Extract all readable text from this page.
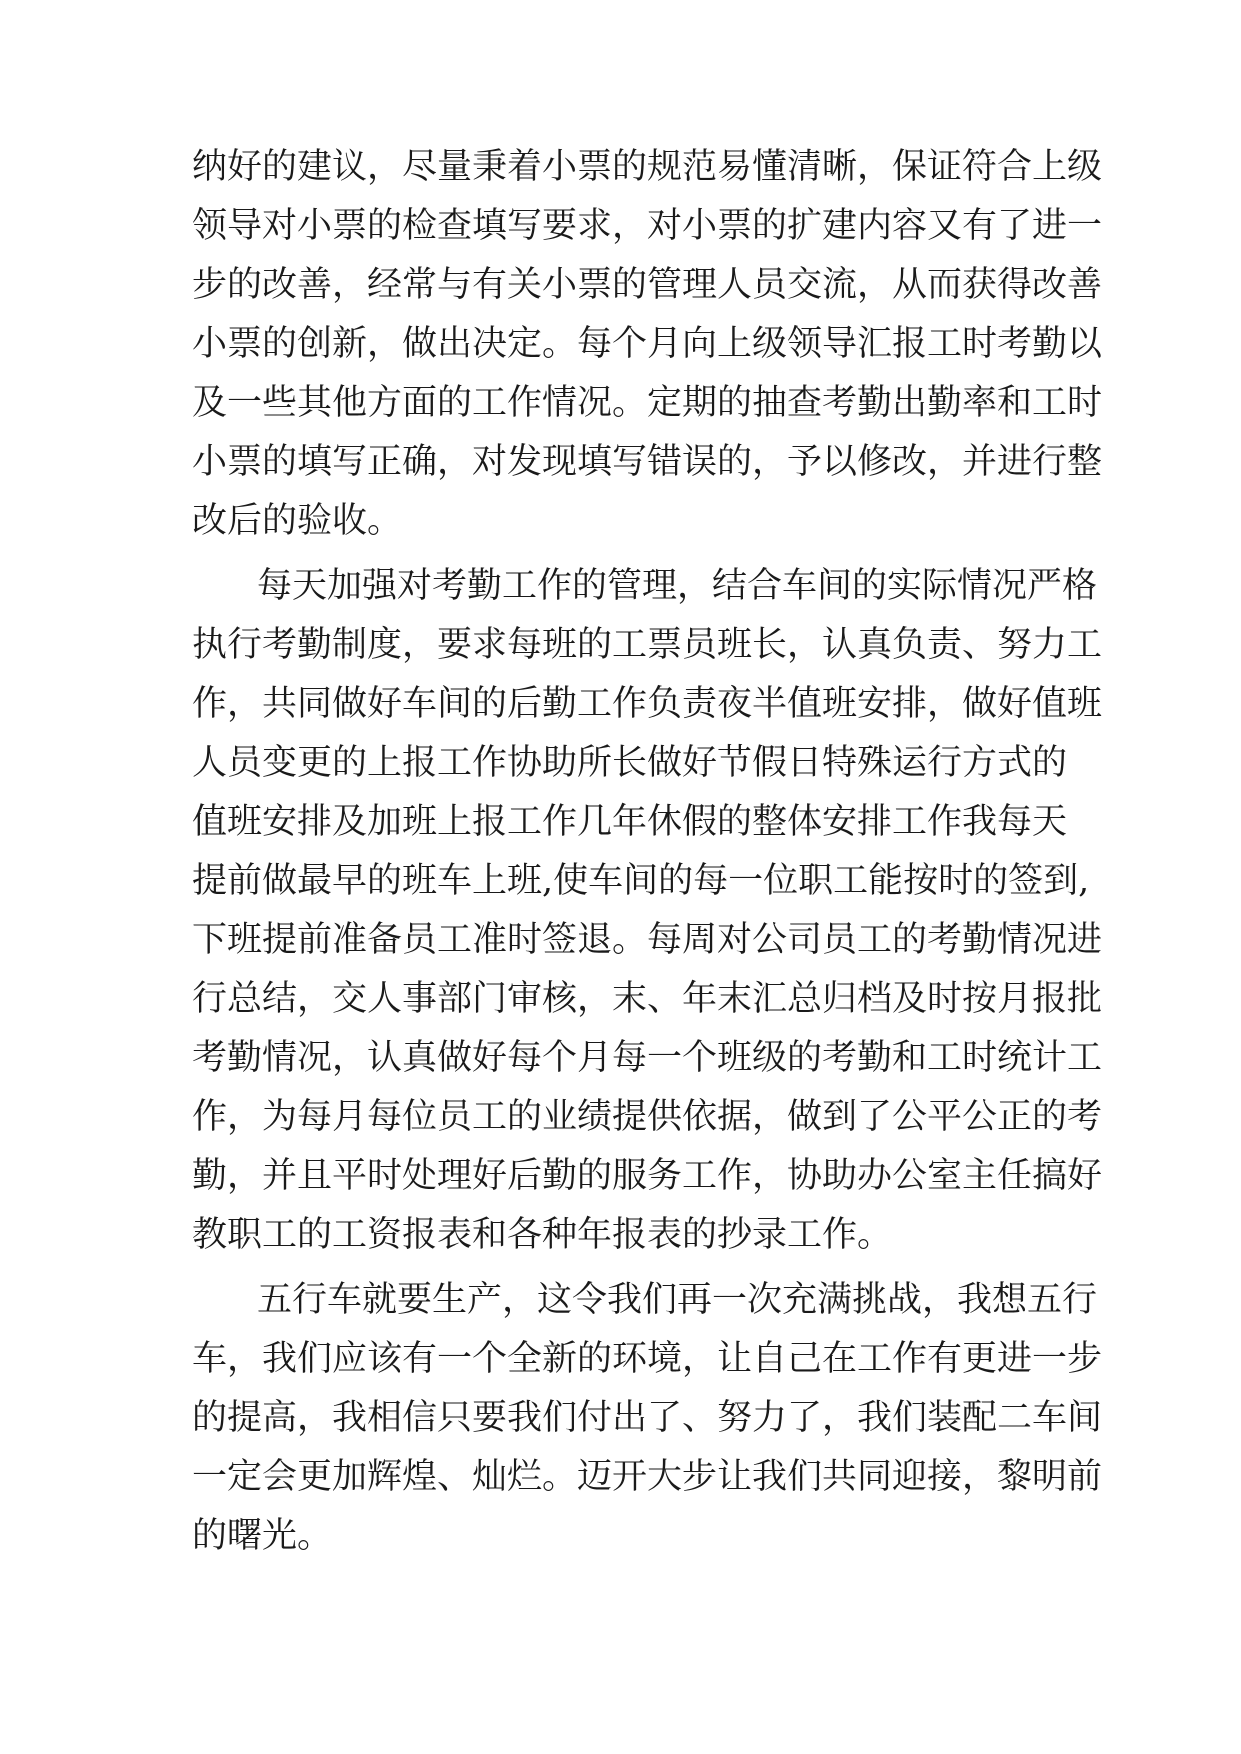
纳好的建议，尽量秉着小票的规范易懂清晰，保证符合上级
领导对小票的检查填写要求，对小票的扩建内容又有了进一
步的改善，经常与有关小票的管理人员交流，从而获得改善
小票的创新，做出决定。每个月向上级领导汇报工时考勤以
及一些其他方面的工作情况。定期的抽查考勤出勤率和工时
小票的填写正确，对发现填写错误的，予以修改，并进行整
改后的验收。
每天加强对考勤工作的管理，结合车间的实际情况严格
执行考勤制度，要求每班的工票员班长，认真负责、努力工
作，共同做好车间的后勤工作负责夜半值班安排，做好值班
人员变更的上报工作协助所长做好节假日特殊运行方式的
值班安排及加班上报工作几年休假的整体安排工作我每天
提前做最早的班车上班,使车间的每一位职工能按时的签到,
下班提前准备员工准时签退。每周对公司员工的考勤情况进
行总结，交人事部门审核，末、年末汇总归档及时按月报批
考勤情况，认真做好每个月每一个班级的考勤和工时统计工
作，为每月每位员工的业绩提供依据，做到了公平公正的考
勤，并且平时处理好后勤的服务工作，协助办公室主任搞好
教职工的工资报表和各种年报表的抄录工作。
五行车就要生产，这令我们再一次充满挑战，我想五行
车，我们应该有一个全新的环境，让自己在工作有更进一步
的提高，我相信只要我们付出了、努力了，我们装配二车间
一定会更加辉煌、灿烂。迈开大步让我们共同迎接，黎明前
的曙光。
